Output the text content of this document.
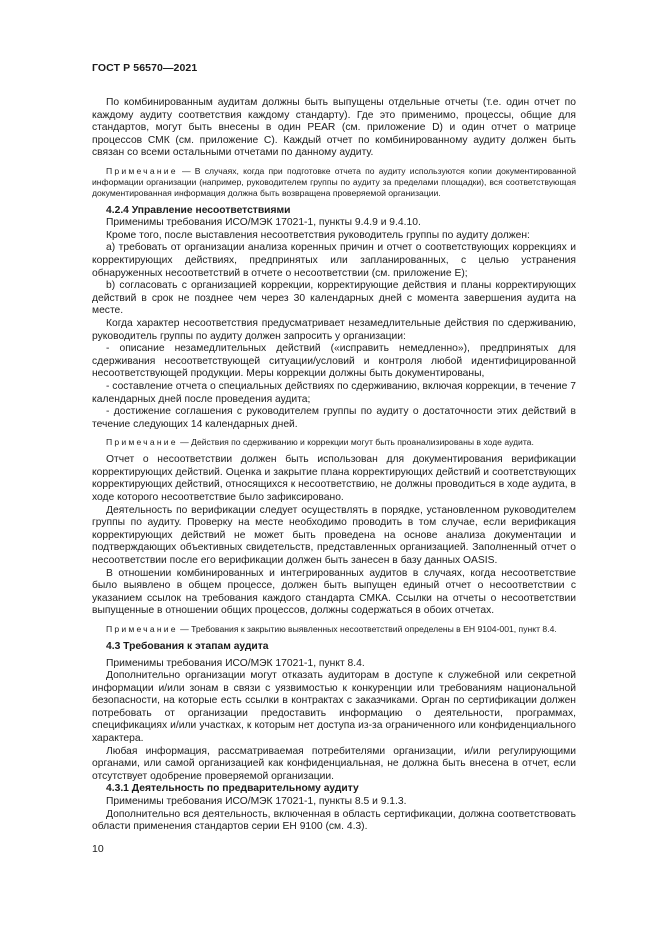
ГОСТ Р 56570—2021

По комбинированным аудитам должны быть выпущены отдельные отчеты (т.е. один отчет по каждому аудиту соответствия каждому стандарту). Где это применимо, процессы, общие для стандартов, могут быть внесены в один PEAR (см. приложение D) и один отчет о матрице процессов СМК (см. приложение С). Каждый отчет по комбинированному аудиту должен быть связан со всеми остальными отчетами по данному аудиту.

Примечание — В случаях, когда при подготовке отчета по аудиту используются копии документированной информации организации (например, руководителем группы по аудиту за пределами площадки), вся соответствующая документированная информация должна быть возвращена проверяемой организации.

4.2.4 Управление несоответствиями

Применимы требования ИСО/МЭК 17021-1, пункты 9.4.9 и 9.4.10.

Кроме того, после выставления несоответствия руководитель группы по аудиту должен:

a) требовать от организации анализа коренных причин и отчет о соответствующих коррекциях и корректирующих действиях, предпринятых или запланированных, с целью устранения обнаруженных несоответствий в отчете о несоответствии (см. приложение Е);

b) согласовать с организацией коррекции, корректирующие действия и планы корректирующих действий в срок не позднее чем через 30 календарных дней с момента завершения аудита на месте.

Когда характер несоответствия предусматривает незамедлительные действия по сдерживанию, руководитель группы по аудиту должен запросить у организации:

- описание незамедлительных действий («исправить немедленно»), предпринятых для сдерживания несоответствующей ситуации/условий и контроля любой идентифицированной несоответствующей продукции. Меры коррекции должны быть документированы,

- составление отчета о специальных действиях по сдерживанию, включая коррекции, в течение 7 календарных дней после проведения аудита;

- достижение соглашения с руководителем группы по аудиту о достаточности этих действий в течение следующих 14 календарных дней.

Примечание — Действия по сдерживанию и коррекции могут быть проанализированы в ходе аудита.

Отчет о несоответствии должен быть использован для документирования верификации корректирующих действий. Оценка и закрытие плана корректирующих действий и соответствующих корректирующих действий, относящихся к несоответствию, не должны проводиться в ходе аудита, в ходе которого несоответствие было зафиксировано.

Деятельность по верификации следует осуществлять в порядке, установленном руководителем группы по аудиту. Проверку на месте необходимо проводить в том случае, если верификация корректирующих действий не может быть проведена на основе анализа документации и подтверждающих объективных свидетельств, представленных организацией. Заполненный отчет о несоответствии после его верификации должен быть занесен в базу данных OASIS.

В отношении комбинированных и интегрированных аудитов в случаях, когда несоответствие было выявлено в общем процессе, должен быть выпущен единый отчет о несоответствии с указанием ссылок на требования каждого стандарта СМКА. Ссылки на отчеты о несоответствии выпущенные в отношении общих процессов, должны содержаться в обоих отчетах.

Примечание — Требования к закрытию выявленных несоответствий определены в ЕН 9104-001, пункт 8.4.

4.3 Требования к этапам аудита

Применимы требования ИСО/МЭК 17021-1, пункт 8.4.

Дополнительно организации могут отказать аудиторам в доступе к служебной или секретной информации и/или зонам в связи с уязвимостью к конкуренции или требованиям национальной безопасности, на которые есть ссылки в контрактах с заказчиками. Орган по сертификации должен потребовать от организации предоставить информацию о деятельности, программах, спецификациях и/или участках, к которым нет доступа из-за ограниченного или конфиденциального характера.

Любая информация, рассматриваемая потребителями организации, и/или регулирующими органами, или самой организацией как конфиденциальная, не должна быть внесена в отчет, если отсутствует одобрение проверяемой организации.

4.3.1 Деятельность по предварительному аудиту

Применимы требования ИСО/МЭК 17021-1, пункты 8.5 и 9.1.3.

Дополнительно вся деятельность, включенная в область сертификации, должна соответствовать области применения стандартов серии ЕН 9100 (см. 4.3).

10
